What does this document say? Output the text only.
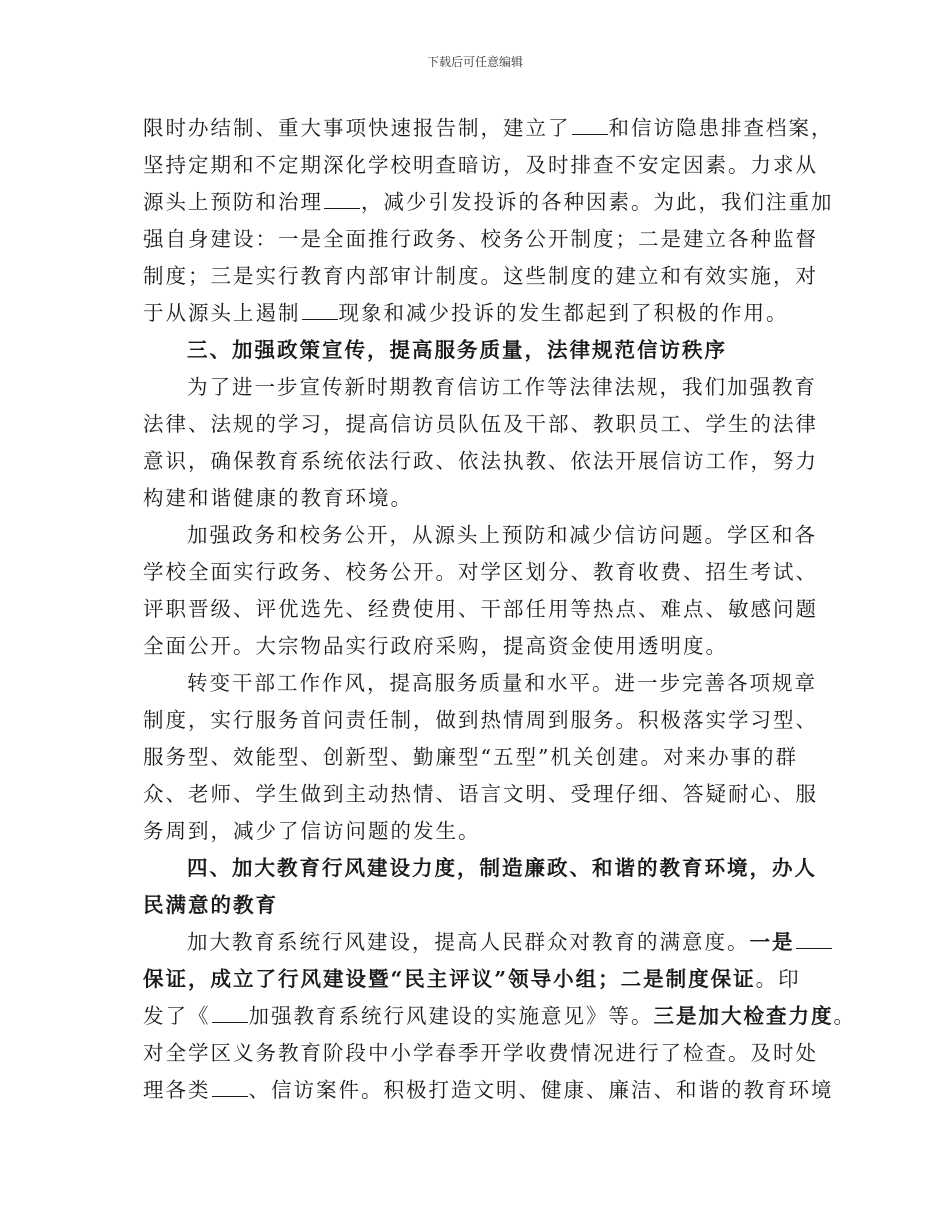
下载后可任意编辑
限时办结制、重大事项快速报告制，建立了 和信访隐患排查档案，
坚持定期和不定期深化学校明查暗访，及时排查不安定因素。力求从
源头上预防和治理 ，减少引发投诉的各种因素。为此，我们注重加
强自身建设：一是全面推行政务、校务公开制度；二是建立各种监督
制度；三是实行教育内部审计制度。这些制度的建立和有效实施，对
于从源头上遏制 现象和减少投诉的发生都起到了积极的作用。
三、加强政策宣传，提高服务质量，法律规范信访秩序
为了进一步宣传新时期教育信访工作等法律法规，我们加强教育
法律、法规的学习，提高信访员队伍及干部、教职员工、学生的法律
意识，确保教育系统依法行政、依法执教、依法开展信访工作，努力
构建和谐健康的教育环境。
加强政务和校务公开，从源头上预防和减少信访问题。学区和各
学校全面实行政务、校务公开。对学区划分、教育收费、招生考试、
评职晋级、评优选先、经费使用、干部任用等热点、难点、敏感问题
全面公开。大宗物品实行政府采购，提高资金使用透明度。
转变干部工作作风，提高服务质量和水平。进一步完善各项规章
制度，实行服务首问责任制，做到热情周到服务。积极落实学习型、
服务型、效能型、创新型、勤廉型“五型”机关创建。对来办事的群
众、老师、学生做到主动热情、语言文明、受理仔细、答疑耐心、服
务周到，减少了信访问题的发生。
四、加大教育行风建设力度，制造廉政、和谐的教育环境，办人
民满意的教育
加大教育系统行风建设，提高人民群众对教育的满意度。一是
保证，成立了行风建设暨“民主评议”领导小组；二是制度保证。印
发了《 加强教育系统行风建设的实施意见》等。三是加大检查力度。
对全学区义务教育阶段中小学春季开学收费情况进行了检查。及时处
理各类 、信访案件。积极打造文明、健康、廉洁、和谐的教育环境
